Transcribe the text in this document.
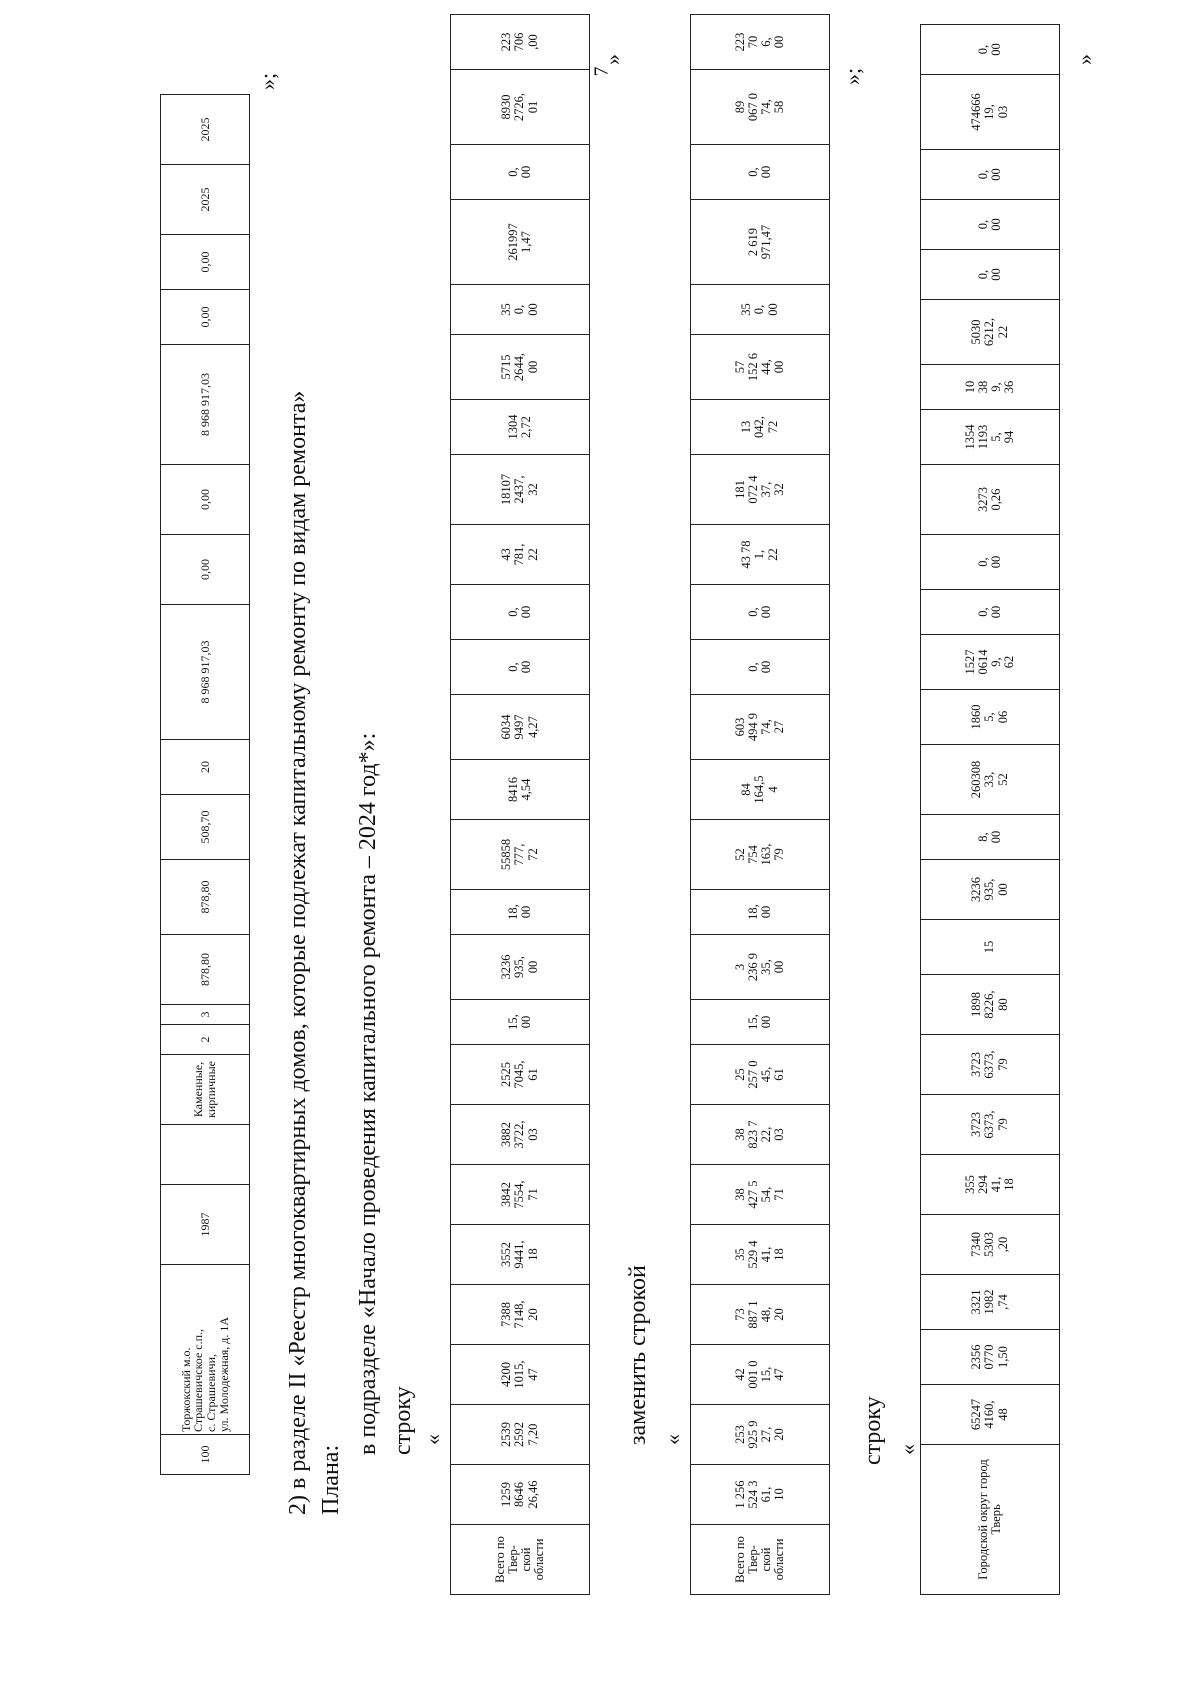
7
100	Торжокский м.о.
Страшевичское с.п.,
с. Страшевичи,
ул. Молодежная, д. 1А	1987		Каменные, кирпичные	2	3	878,80	878,80	508,70	20	8 968 917,03	0,00	0,00	8 968 917,03	0,00	0,00	2025	2025
»;
2) в разделе II «Реестр многоквартирных домов, которые подлежат капитальному ремонту по видам ремонта» Плана:
в подразделе «Начало проведения капитального ремонта – 2024 год*»: строку «
Всего по Твер-
ской области	1259
8646
26,46	2539
2592
7,20	4200
1015,
47	7388
7148,
20	3552
9441,
18	3842
7554,
71	3882
3722,
03	2525
7045,
61	15,
00	3236
935,
00	18,
00	55858
777,
72	8416
4,54	6034
9497
4,27	0,
00	0,
00	43
781,
22	18107
2437,
32	1304
2,72	5715
2644,
00	35
0,
00	261997
1,47	0,
00	8930
2726,
01	223
706
,00
»
заменить строкой «
Всего по Твер-
ской области	1 256
524 3
61,
10	253
925 9
27,
20	42
001 0
15,
47	73
887 1
48,
20	35
529 4
41,
18	38
427 5
54,
71	38
823 7
22,
03	25
257 0
45,
61	15,
00	3
236 9
35,
00	18,
00	52
754
163,
79	84
164,5
4	603
494 9
74,
27	0,
00	0,
00	43 78
1,
22	181
072 4
37,
32	13
042,
72	57
152 6
44,
00	35
0,
00	2 619
971,47	0,
00	89
067 0
74,
58	223
70
6,
00
»;
строку «
Городской округ город Тверь	65247
4160,
48	2356
0770
1,50	3321
1982
,74	7340
5303
,20	355
294
41,
18	3723
6373,
79	3723
6373,
79	1898
8226,
80	15	3236
935,
00	8,
00	260308
33,
52	1860
5,
06	1527
0614
9,
62	0,
00	0,
00	3273
0,26	1354
1193
5,
94	10
38
9,
36	5030
6212,
22	0,
00	0,
00	0,
00	474666
19,
03	0,
00
»
